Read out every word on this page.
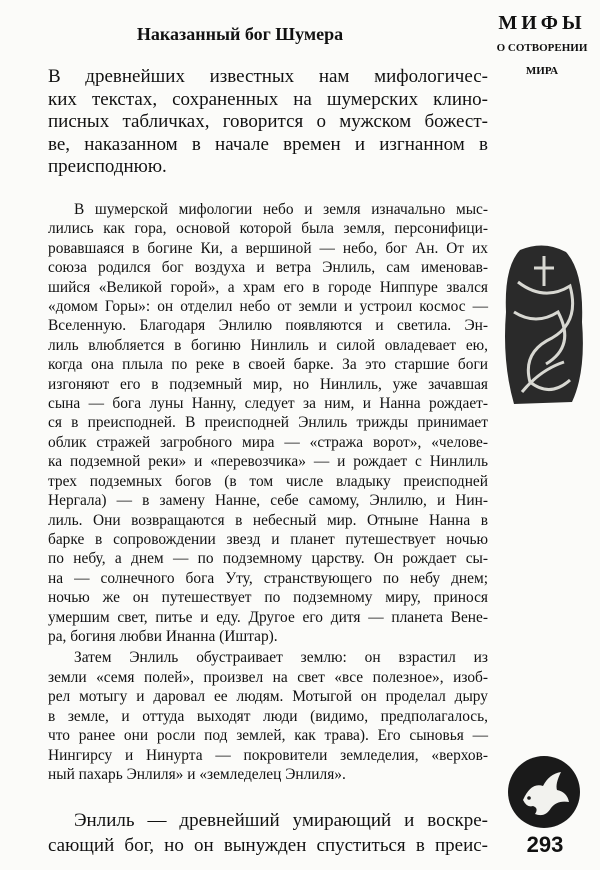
Наказанный бог Шумера	МИФЫ
О СОТВОРЕНИИ
МИРА
В древнейших известных нам мифологичес-
ких текстах, сохраненных на шумерских клино-
писных табличках, говорится о мужском божест-
ве, наказанном в начале времен и изгнанном в
преисподнюю.
В шумерской мифологии небо и земля изначально мыс-
лились как гора, основой которой была земля, персонифици-
ровавшаяся в богине Ки, а вершиной — небо, бог Ан. От их
союза родился бог воздуха и ветра Энлиль, сам именовав-
шийся «Великой горой», а храм его в городе Ниппуре звался
«домом Горы»: он отделил небо от земли и устроил космос —
Вселенную. Благодаря Энлилю появляются и светила. Эн-
лиль влюбляется в богиню Нинлиль и силой овладевает ею,
когда она плыла по реке в своей барке. За это старшие боги
изгоняют его в подземный мир, но Нинлиль, уже зачавшая
сына — бога луны Нанну, следует за ним, и Нанна рождает-
ся в преисподней. В преисподней Энлиль трижды принимает
облик стражей загробного мира — «стража ворот», «челове-
ка подземной реки» и «перевозчика» — и рождает с Нинлиль
трех подземных богов (в том числе владыку преисподней
Нергала) — в замену Нанне, себе самому, Энлилю, и Нин-
лиль. Они возвращаются в небесный мир. Отныне Нанна в
барке в сопровождении звезд и планет путешествует ночью
по небу, а днем — по подземному царству. Он рождает сы-
на — солнечного бога Уту, странствующего по небу днем;
ночью же он путешествует по подземному миру, принося
умершим свет, питье и еду. Другое его дитя — планета Вене-
ра, богиня любви Инанна (Иштар).
Затем Энлиль обустраивает землю: он взрастил из
земли «семя полей», произвел на свет «все полезное», изоб-
рел мотыгу и даровал ее людям. Мотыгой он проделал дыру
в земле, и оттуда выходят люди (видимо, предполагалось,
что ранее они росли под землей, как трава). Его сыновья —
Нингирсу и Нинурта — покровители земледелия, «верхов-
ный пахарь Энлиля» и «земледелец Энлиля».
Энлиль — древнейший умирающий и воскре-
сающий бог, но он вынужден спуститься в преис-	293
